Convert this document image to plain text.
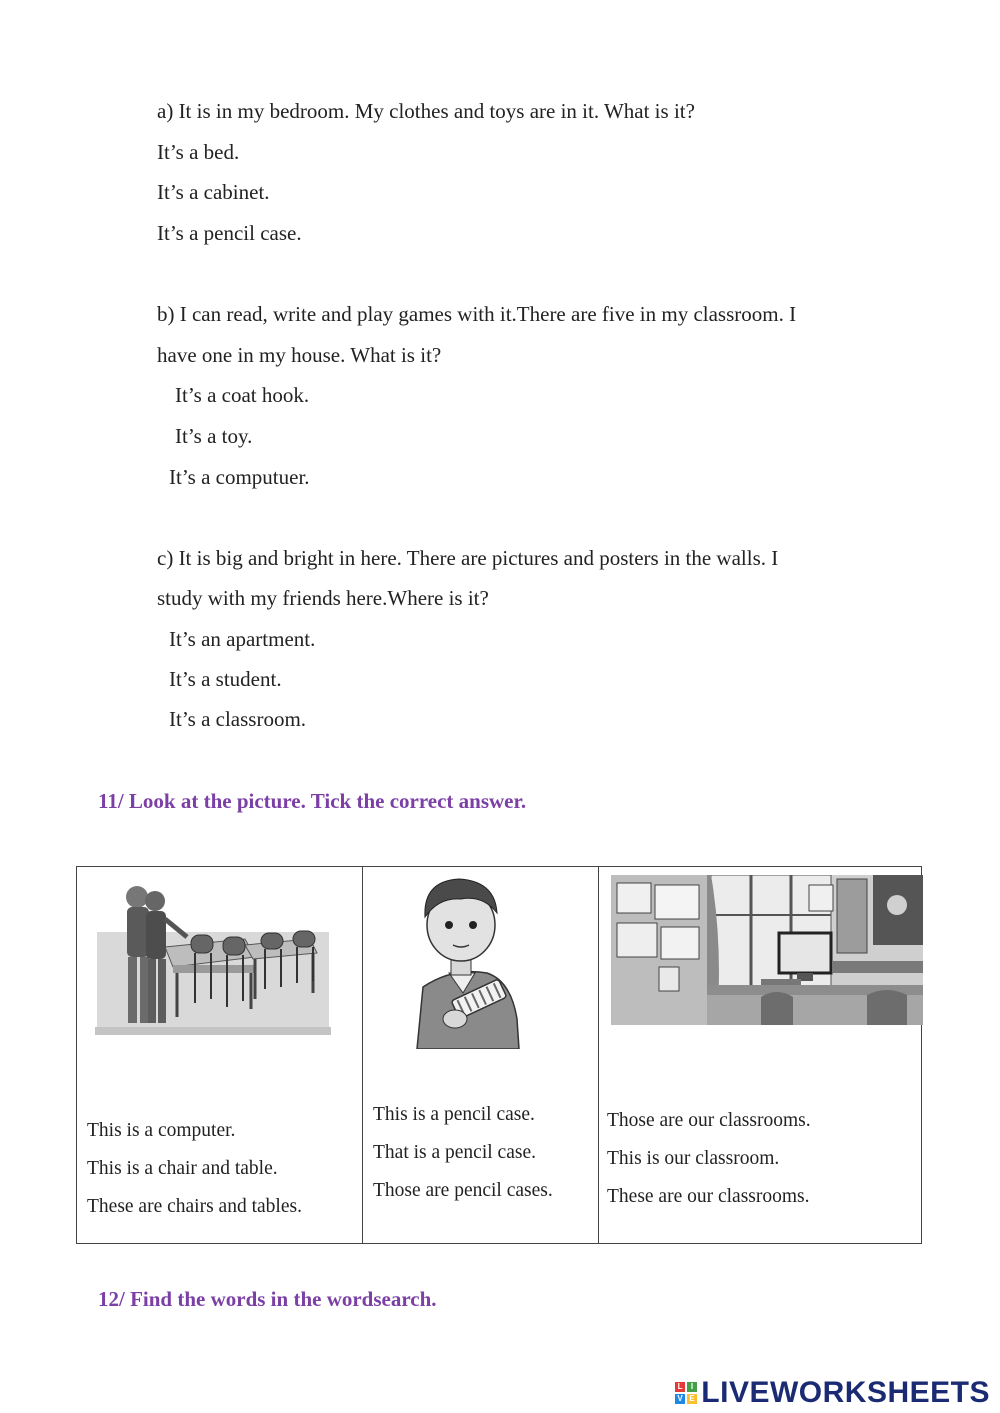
a) It is in my bedroom. My clothes and toys are in it. What is it?
It’s a bed.
It’s a cabinet.
It’s a pencil case.
b) I can read, write and play games with it.There are five in my classroom. I
have one in my house. What is it?
It’s a coat hook.
It’s a toy.
It’s a computuer.
c) It is big and bright in here. There are pictures and posters in the walls. I
study with my friends here.Where is it?
It’s an apartment.
It’s a student.
It’s a classroom.
11/ Look at the picture. Tick the correct answer.
This is a computer.
This is a chair and table.
These are chairs and tables.

This is a pencil case.
That is a pencil case.
Those are pencil cases.

Those are our classrooms.
This is our classroom.
These are our classrooms.
12/ Find the words in the wordsearch.
L I
V E LIVEWORKSHEETS
